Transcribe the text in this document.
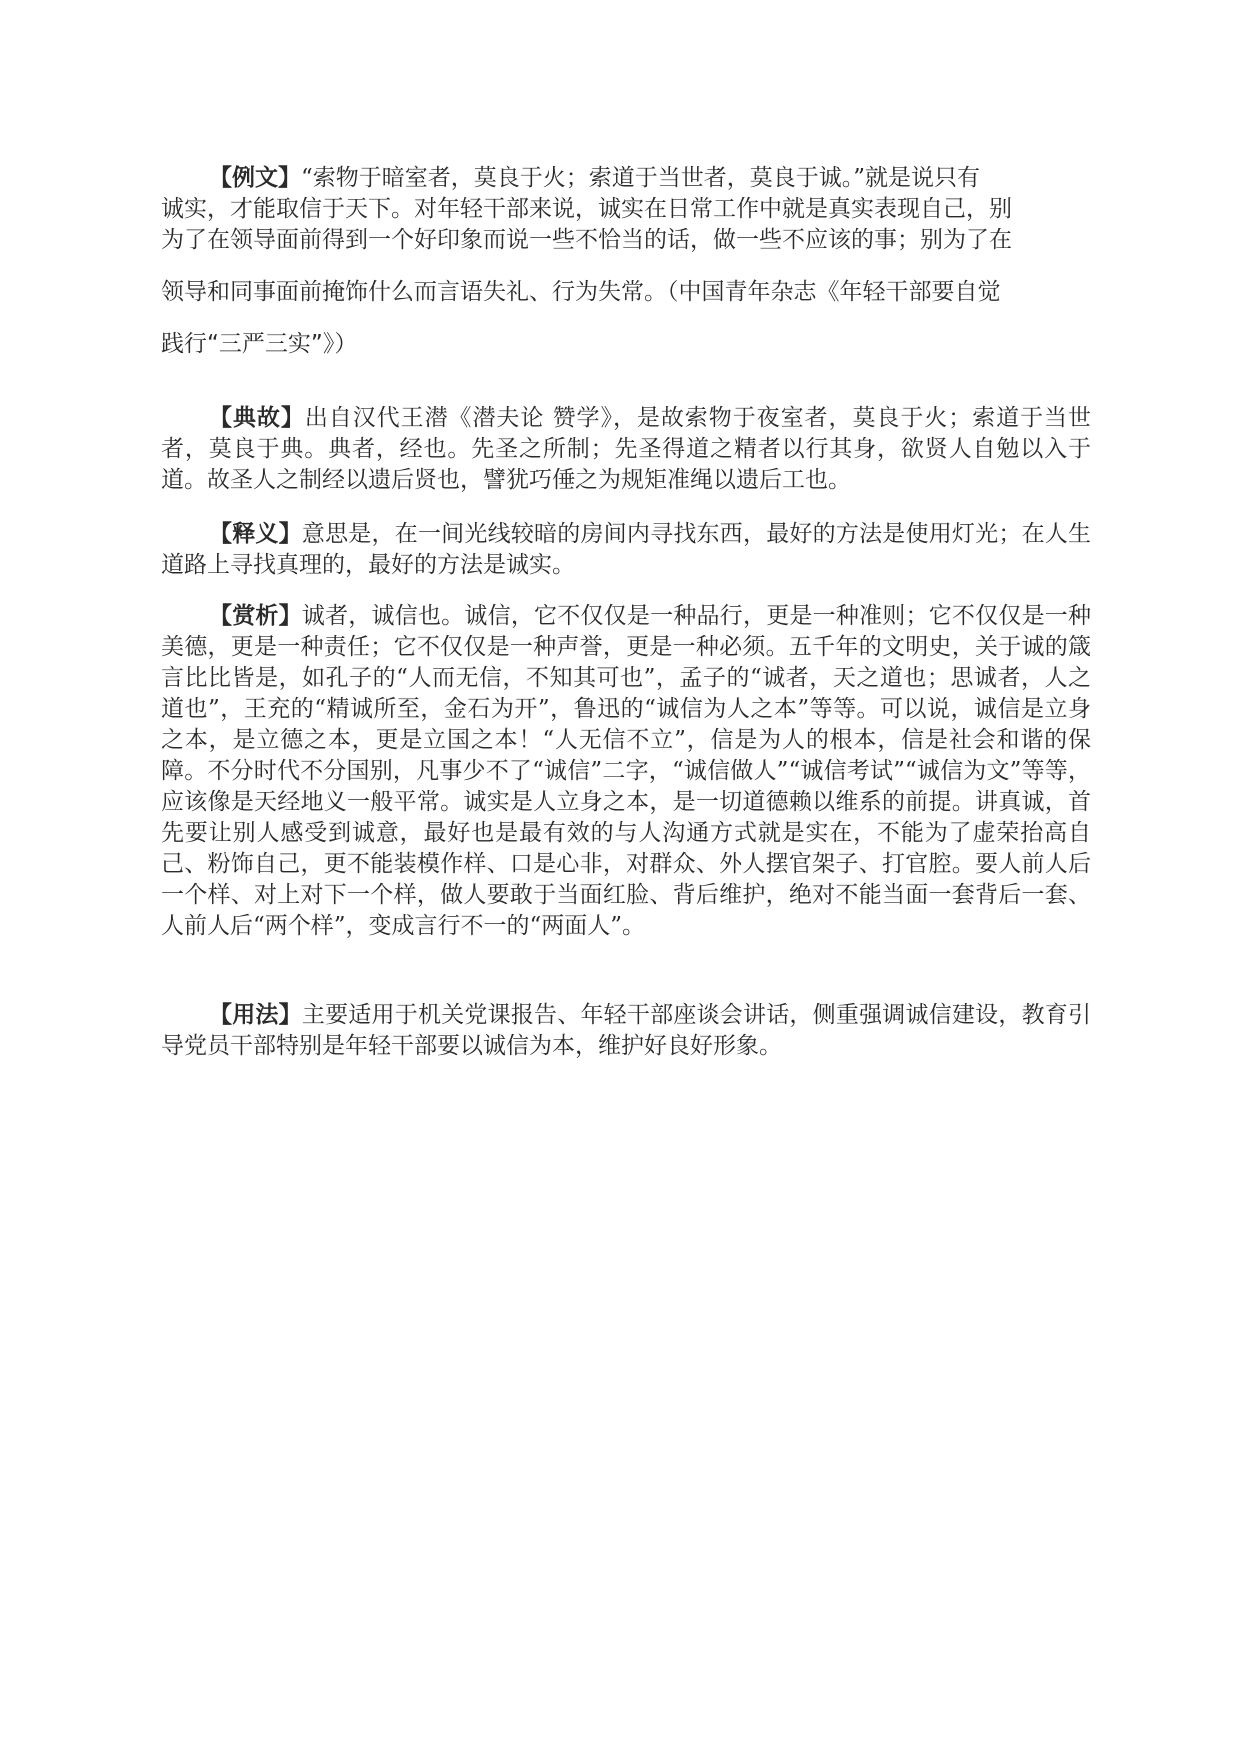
【例文】“索物于暗室者，莫良于火；索道于当世者，莫良于诚。”就是说只有
诚实，才能取信于天下。对年轻干部来说，诚实在日常工作中就是真实表现自己，别
为了在领导面前得到一个好印象而说一些不恰当的话，做一些不应该的事；别为了在
领导和同事面前掩饰什么而言语失礼、行为失常。（中国青年杂志《年轻干部要自觉
践行“三严三实”》）

【典故】出自汉代王潜《潜夫论 赞学》，是故索物于夜室者，莫良于火；索道于当世者，莫良于典。典者，经也。先圣之所制；先圣得道之精者以行其身，欲贤人自勉以入于道。故圣人之制经以遗后贤也，譬犹巧倕之为规矩准绳以遗后工也。

【释义】意思是，在一间光线较暗的房间内寻找东西，最好的方法是使用灯光；在人生道路上寻找真理的，最好的方法是诚实。

【赏析】诚者，诚信也。诚信，它不仅仅是一种品行，更是一种准则；它不仅仅是一种美德，更是一种责任；它不仅仅是一种声誉，更是一种必须。五千年的文明史，关于诚的箴言比比皆是，如孔子的“人而无信，不知其可也”，孟子的“诚者，天之道也；思诚者，人之道也”，王充的“精诚所至，金石为开”，鲁迅的“诚信为人之本”等等。可以说，诚信是立身之本，是立德之本，更是立国之本！“人无信不立”，信是为人的根本，信是社会和谐的保障。不分时代不分国别，凡事少不了“诚信”二字，“诚信做人”“诚信考试”“诚信为文”等等，应该像是天经地义一般平常。诚实是人立身之本，是一切道德赖以维系的前提。讲真诚，首先要让别人感受到诚意，最好也是最有效的与人沟通方式就是实在，不能为了虚荣抬高自己、粉饰自己，更不能装模作样、口是心非，对群众、外人摆官架子、打官腔。要人前人后一个样、对上对下一个样，做人要敢于当面红脸、背后维护，绝对不能当面一套背后一套、人前人后“两个样”，变成言行不一的“两面人”。

【用法】主要适用于机关党课报告、年轻干部座谈会讲话，侧重强调诚信建设，教育引导党员干部特别是年轻干部要以诚信为本，维护好良好形象。
